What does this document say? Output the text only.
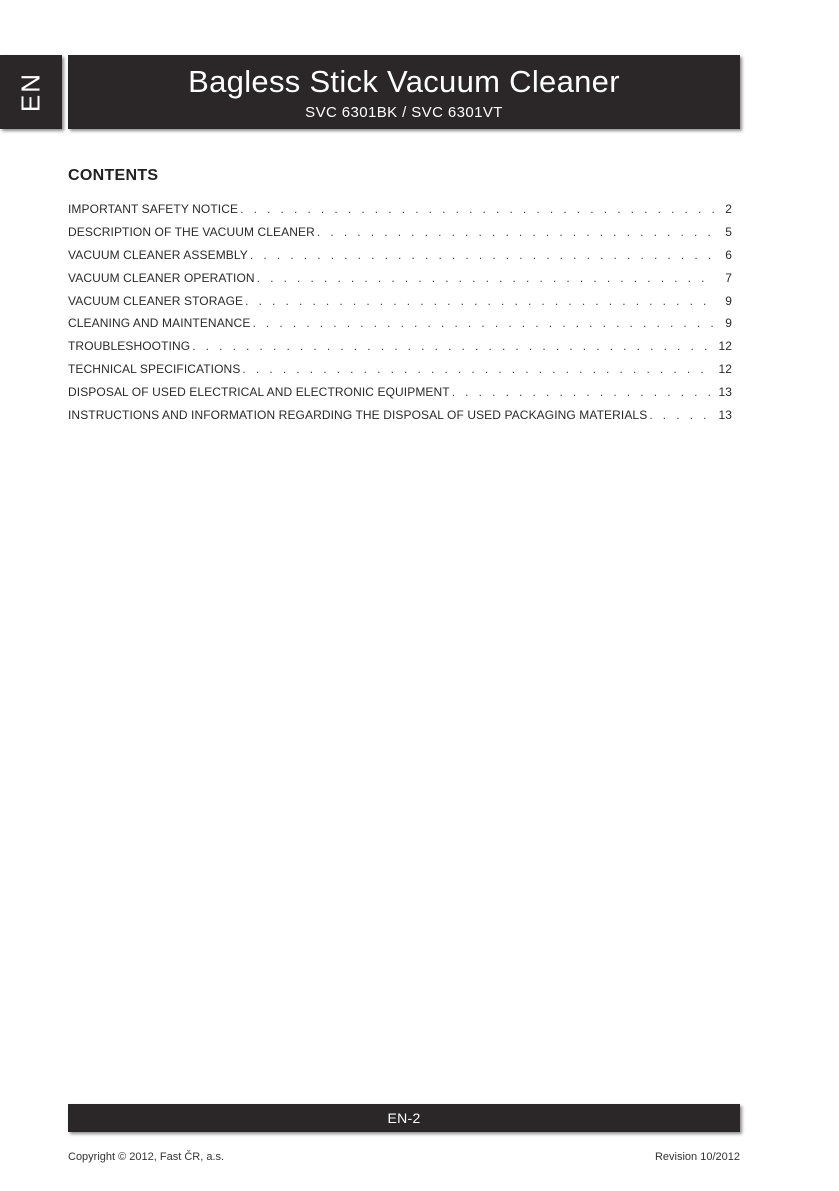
EN	Bagless Stick Vacuum Cleaner
SVC 6301BK / SVC 6301VT
CONTENTS
IMPORTANT SAFETY NOTICE . . .	2
DESCRIPTION OF THE VACUUM CLEANER . . .	5
VACUUM CLEANER ASSEMBLY . . .	6
VACUUM CLEANER OPERATION . . .	7
VACUUM CLEANER STORAGE . . .	9
CLEANING AND MAINTENANCE . . .	9
TROUBLESHOOTING . . .	12
TECHNICAL SPECIFICATIONS . . .	12
DISPOSAL OF USED ELECTRICAL AND ELECTRONIC EQUIPMENT . . .	13
INSTRUCTIONS AND INFORMATION REGARDING THE DISPOSAL OF USED PACKAGING MATERIALS . . .	13
EN-2
Copyright © 2012, Fast ČR, a.s.	Revision 10/2012
